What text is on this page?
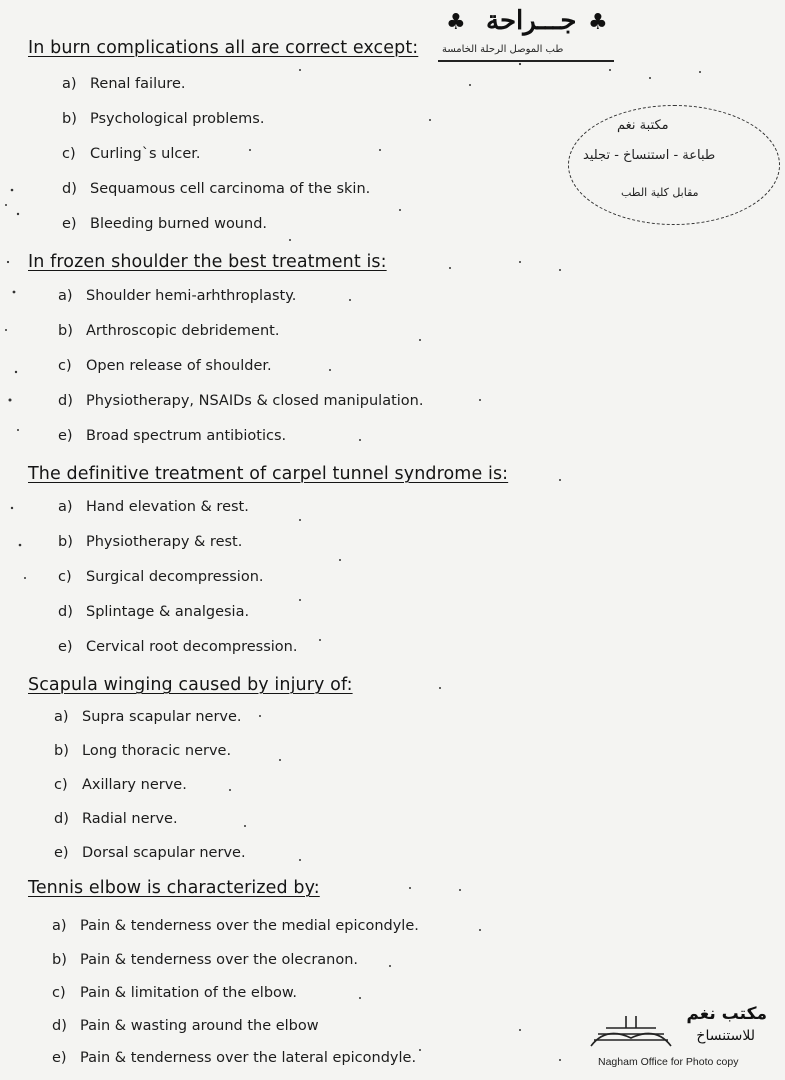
♣	♣
جـــراحة
طب الموصل الرحلة الخامسة
مكتبة نغم
طباعة - استنساخ - تجليد
مقابل كلية الطب
In burn complications all are correct except:
a) Renal failure.
b) Psychological problems.
c) Curling`s ulcer.
d) Sequamous cell carcinoma of the skin.
e) Bleeding burned wound.
In frozen shoulder the best treatment is:
a) Shoulder hemi-arhthroplasty.
b) Arthroscopic debridement.
c) Open release of shoulder.
d) Physiotherapy, NSAIDs & closed manipulation.
e) Broad spectrum antibiotics.
The definitive treatment of carpel tunnel syndrome is:
a) Hand elevation & rest.
b) Physiotherapy & rest.
c) Surgical decompression.
d) Splintage & analgesia.
e) Cervical root decompression.
Scapula winging caused by injury of:
a) Supra scapular nerve.
b) Long thoracic nerve.
c) Axillary nerve.
d) Radial nerve.
e) Dorsal scapular nerve.
Tennis elbow is characterized by:
a) Pain & tenderness over the medial epicondyle.
b) Pain & tenderness over the olecranon.
c) Pain & limitation of the elbow.
d) Pain & wasting around the elbow
e) Pain & tenderness over the lateral epicondyle.
مكتب نغم
للاستنساخ
Nagham Office for Photo copy
